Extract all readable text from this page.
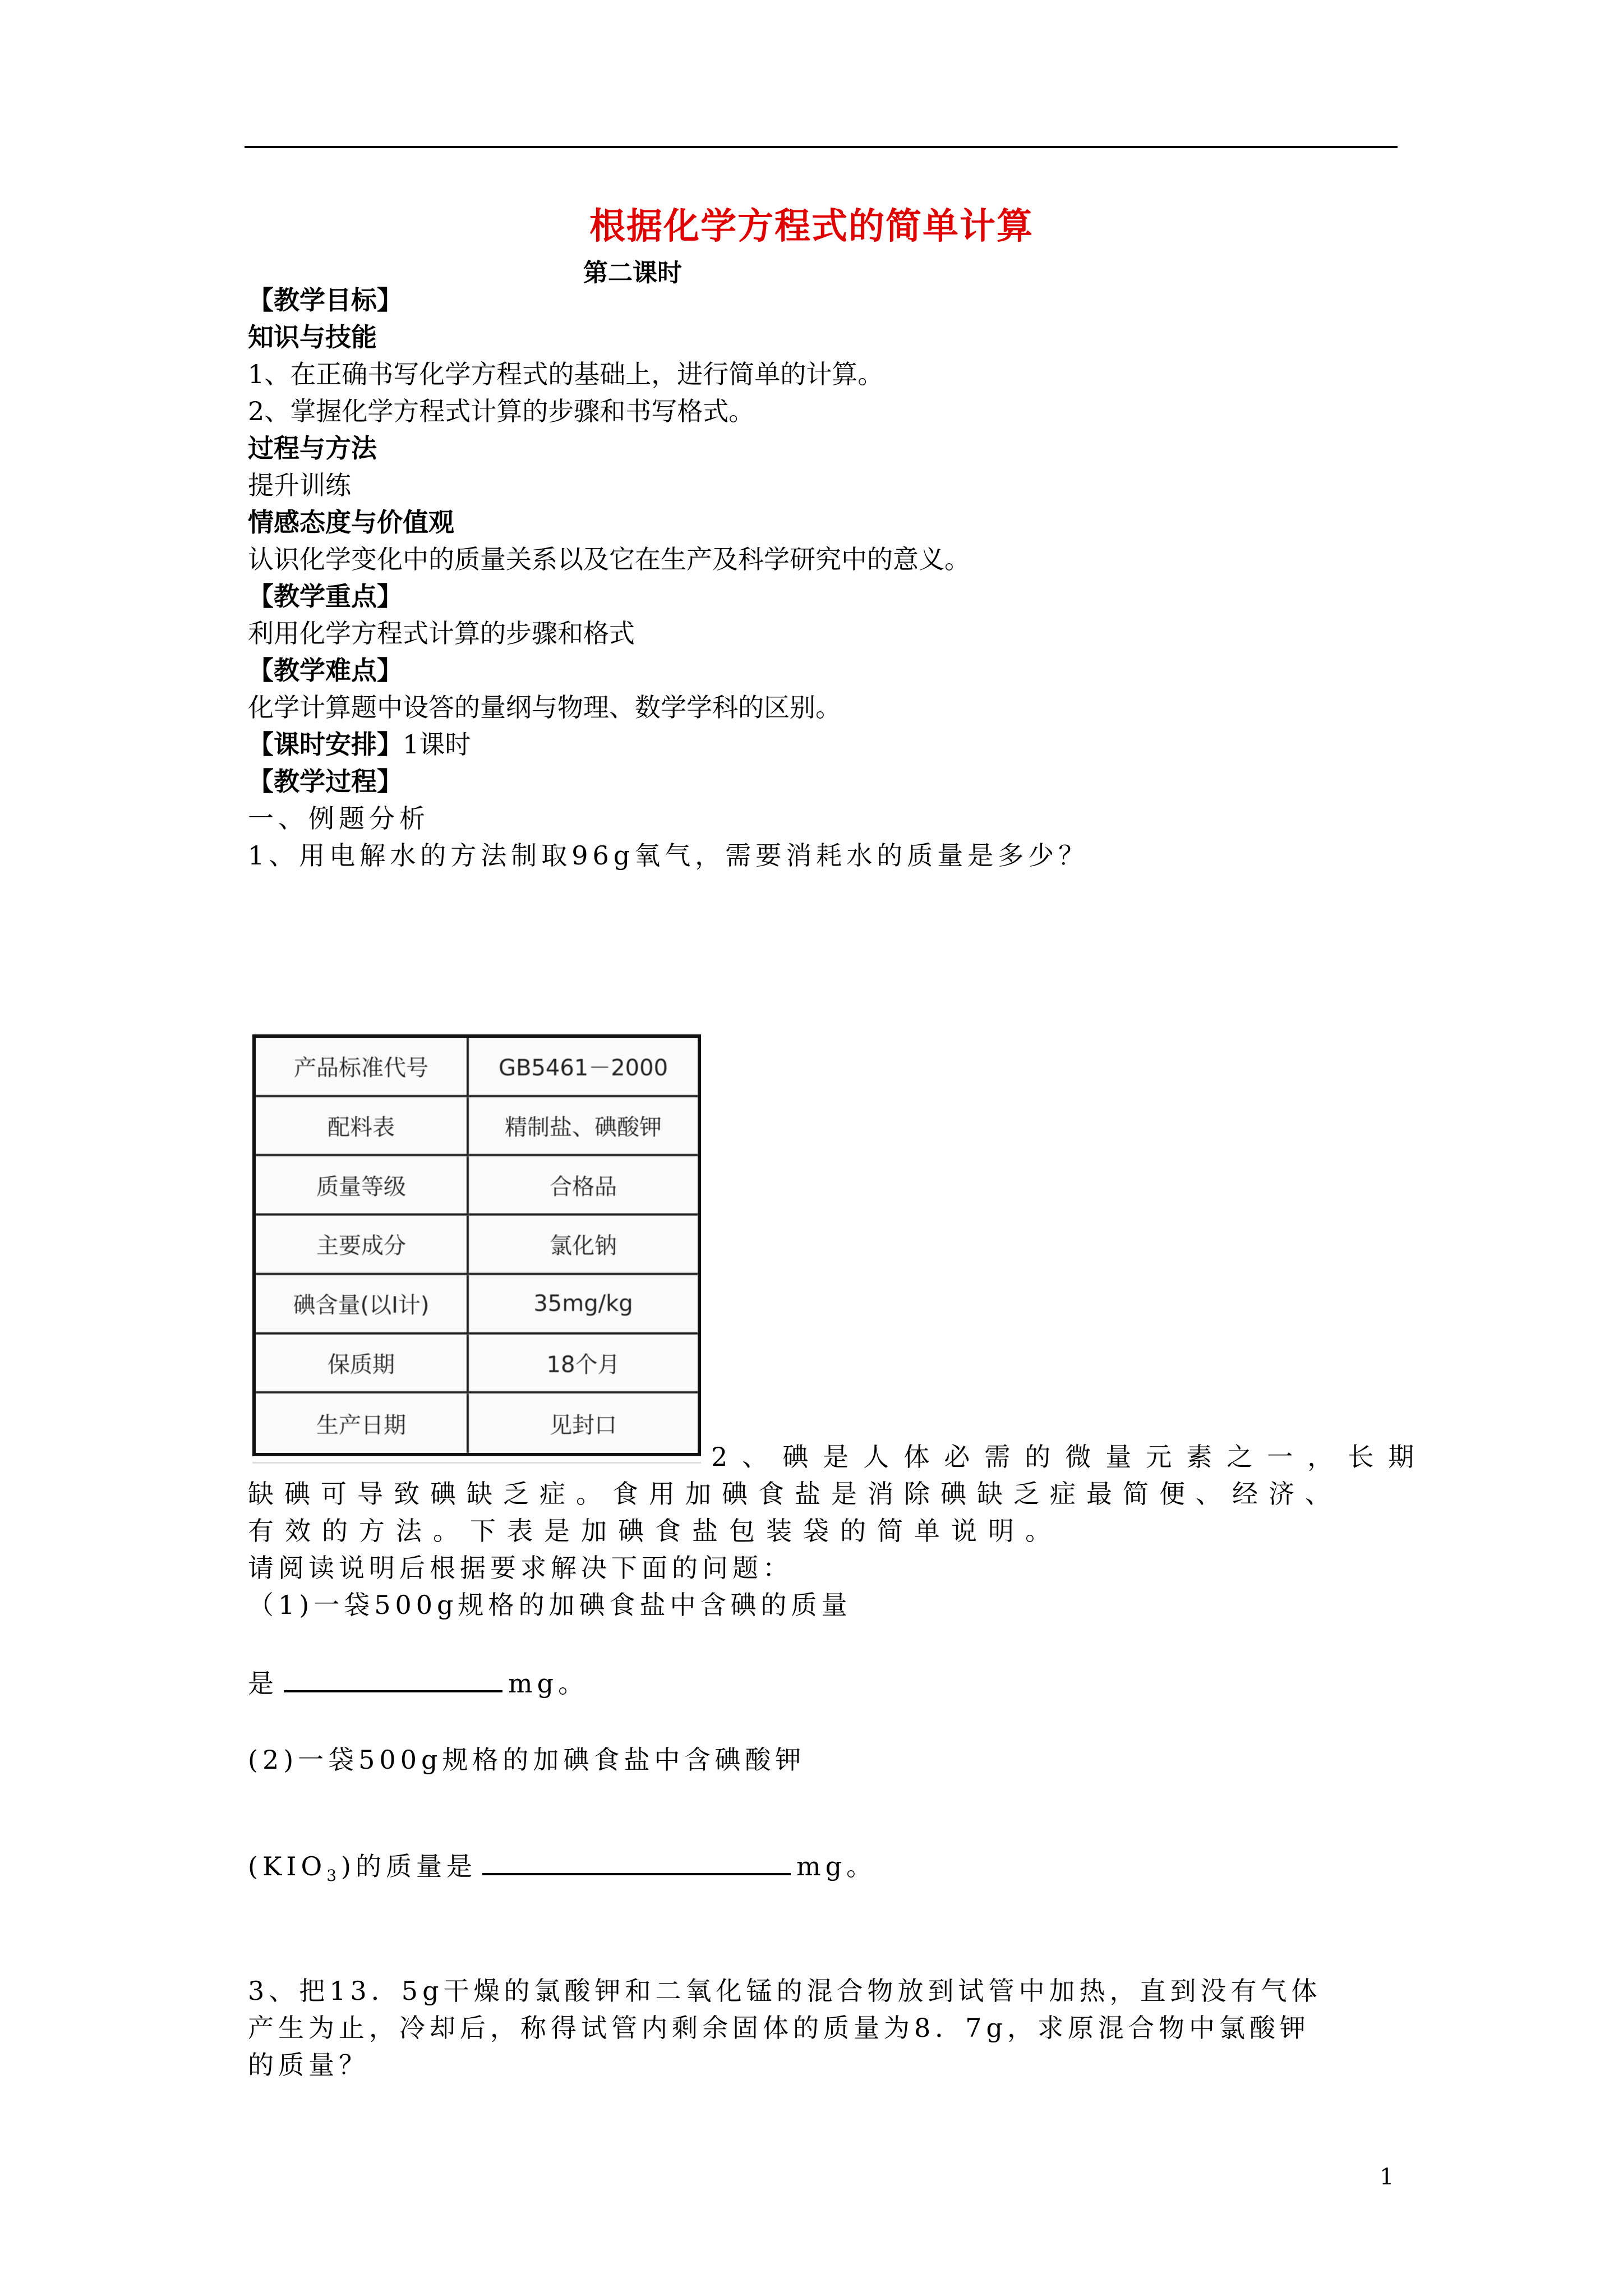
根据化学方程式的简单计算
第二课时
【教学目标】
知识与技能
1、在正确书写化学方程式的基础上，进行简单的计算。
2、掌握化学方程式计算的步骤和书写格式。
过程与方法
提升训练
情感态度与价值观
认识化学变化中的质量关系以及它在生产及科学研究中的意义。
【教学重点】
利用化学方程式计算的步骤和格式
【教学难点】
化学计算题中设答的量纲与物理、数学学科的区别。
【课时安排】1课时
【教学过程】
一、例题分析
1、用电解水的方法制取96g氧气，需要消耗水的质量是多少？
产品标准代号	GB5461－2000
配料表	精制盐、碘酸钾
质量等级	合格品
主要成分	氯化钠
碘含量(以I计)	35mg/kg
保质期	18个月
生产日期	见封口
2、碘是人体必需的微量元素之一，长期
缺碘可导致碘缺乏症。食用加碘食盐是消除碘缺乏症最简便、经济、
有效的方法。下表是加碘食盐包装袋的简单说明。
请阅读说明后根据要求解决下面的问题：
（1)一袋500g规格的加碘食盐中含碘的质量
是	mg。
(2)一袋500g规格的加碘食盐中含碘酸钾
$(KIO_3)$的质量是	mg。
3、把13．5g干燥的氯酸钾和二氧化锰的混合物放到试管中加热，直到没有气体
产生为止，冷却后，称得试管内剩余固体的质量为8．7g，求原混合物中氯酸钾
的质量？
1
